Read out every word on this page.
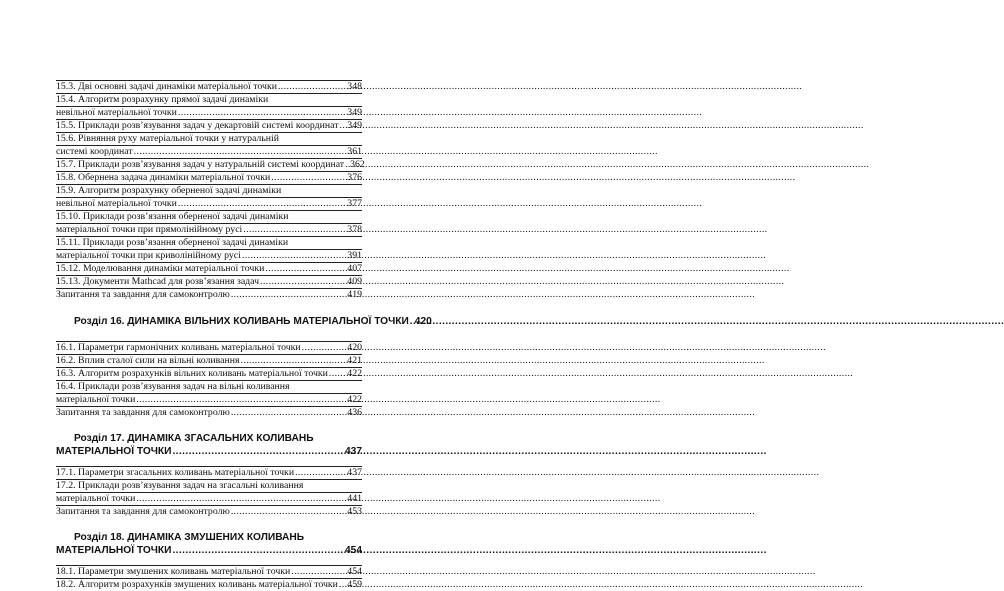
15.3. Дві основні задачі динаміки матеріальної точки .....	348
15.4. Алгоритм розрахунку прямої задачі динаміки
невільної матеріальної точки .....	349
15.5. Приклади розв’язування задач у декартовій системі координат ..... 349
15.6. Рівняння руху матеріальної точки у натуральній
системі координат .....	361
15.7. Приклади розв’язування задач у натуральній системі координат ..... 362
15.8. Обернена задача динаміки матеріальної точки .....	376
15.9. Алгоритм розрахунку оберненої задачі динаміки
невільної матеріальної точки .....	377
15.10. Приклади розв’язання оберненої задачі динаміки
матеріальної точки при прямолінійному русі .....	378
15.11. Приклади розв’язання оберненої задачі динаміки
матеріальної точки при криволінійному русі .....	391
15.12. Моделювання динаміки матеріальної точки .....	407
15.13. Документи Mathcad для розв’язання задач .....	409
Запитання та завдання для самоконтролю .....	419
Розділ 16. ДИНАМІКА ВІЛЬНИХ КОЛИВАНЬ МАТЕРІАЛЬНОЇ ТОЧКИ ..... 420
16.1. Параметри гармонічних коливань матеріальної точки .....	420
16.2. Вплив сталої сили на вільні коливання .....	421
16.3. Алгоритм розрахунків вільних коливань матеріальної точки ..... 422
16.4. Приклади розв’язування задач на вільні коливання
матеріальної точки .....	422
Запитання та завдання для самоконтролю .....	436
Розділ 17. ДИНАМІКА ЗГАСАЛЬНИХ КОЛИВАНЬ
МАТЕРІАЛЬНОЇ ТОЧКИ .....	437
17.1. Параметри згасальних коливань матеріальної точки .....	437
17.2. Приклади розв’язування задач на згасальні коливання
матеріальної точки .....	441
Запитання та завдання для самоконтролю .....	453
Розділ 18. ДИНАМІКА ЗМУШЕНИХ КОЛИВАНЬ
МАТЕРІАЛЬНОЇ ТОЧКИ .....	454
18.1. Параметри змушених коливань матеріальної точки .....	454
18.2. Алгоритм розрахунків змушених коливань матеріальної точки ..... 459
